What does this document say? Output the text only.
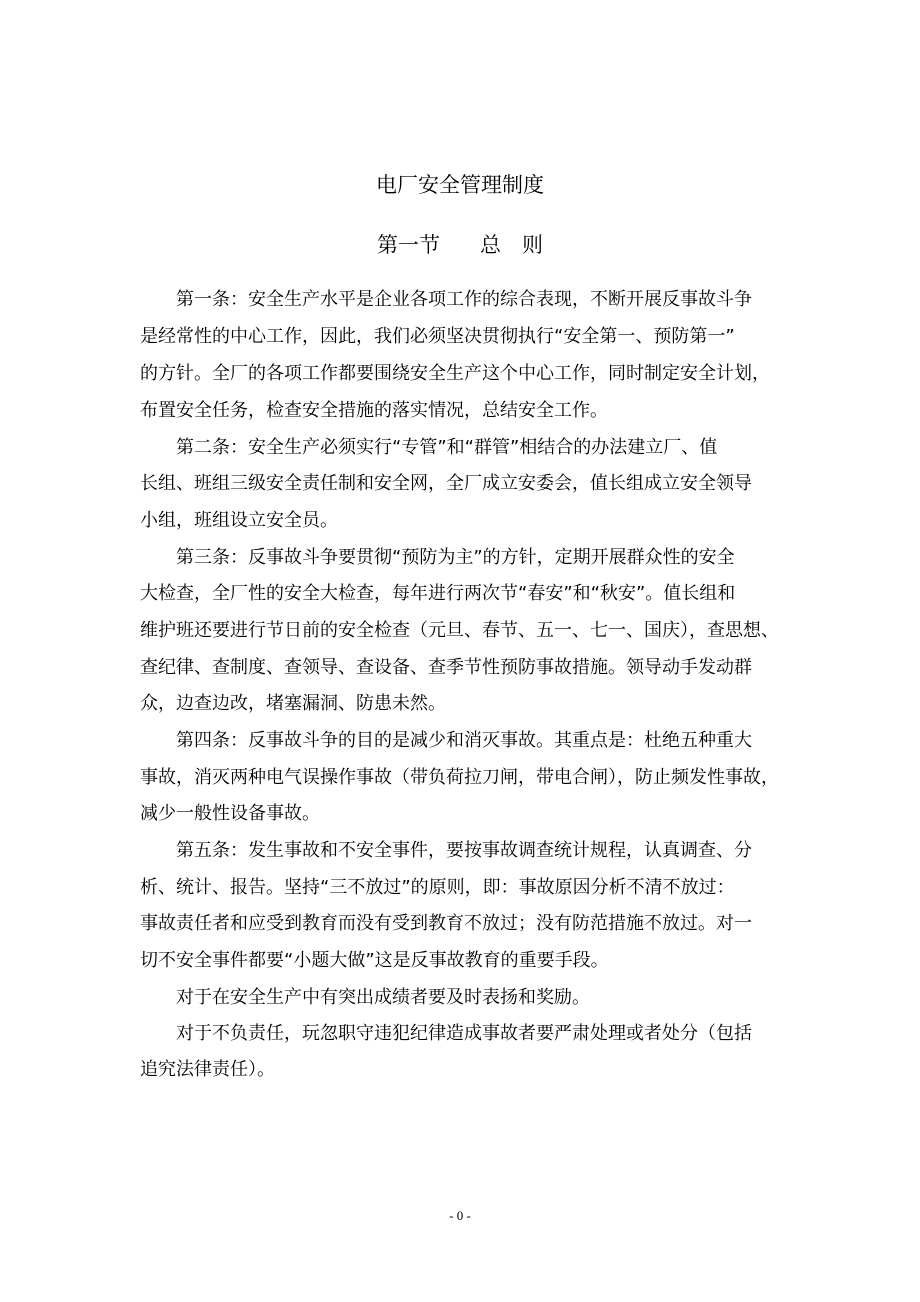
电厂安全管理制度
第一节 总　则
第一条：安全生产水平是企业各项工作的综合表现，不断开展反事故斗争
是经常性的中心工作，因此，我们必须坚决贯彻执行“安全第一、预防第一”
的方针。全厂的各项工作都要围绕安全生产这个中心工作，同时制定安全计划，
布置安全任务，检查安全措施的落实情况，总结安全工作。
第二条：安全生产必须实行“专管”和“群管”相结合的办法建立厂、值
长组、班组三级安全责任制和安全网，全厂成立安委会，值长组成立安全领导
小组，班组设立安全员。
第三条：反事故斗争要贯彻“预防为主”的方针，定期开展群众性的安全
大检查，全厂性的安全大检查，每年进行两次节“春安”和“秋安”。值长组和
维护班还要进行节日前的安全检查（元旦、春节、五一、七一、国庆），查思想、
查纪律、查制度、查领导、查设备、查季节性预防事故措施。领导动手发动群
众，边查边改，堵塞漏洞、防患未然。
第四条：反事故斗争的目的是减少和消灭事故。其重点是：杜绝五种重大
事故，消灭两种电气误操作事故（带负荷拉刀闸，带电合闸），防止频发性事故，
减少一般性设备事故。
第五条：发生事故和不安全事件，要按事故调查统计规程，认真调查、分
析、统计、报告。坚持“三不放过”的原则，即：事故原因分析不清不放过：
事故责任者和应受到教育而没有受到教育不放过；没有防范措施不放过。对一
切不安全事件都要“小题大做”这是反事故教育的重要手段。
对于在安全生产中有突出成绩者要及时表扬和奖励。
对于不负责任，玩忽职守违犯纪律造成事故者要严肃处理或者处分（包括
追究法律责任）。
- 0 -
